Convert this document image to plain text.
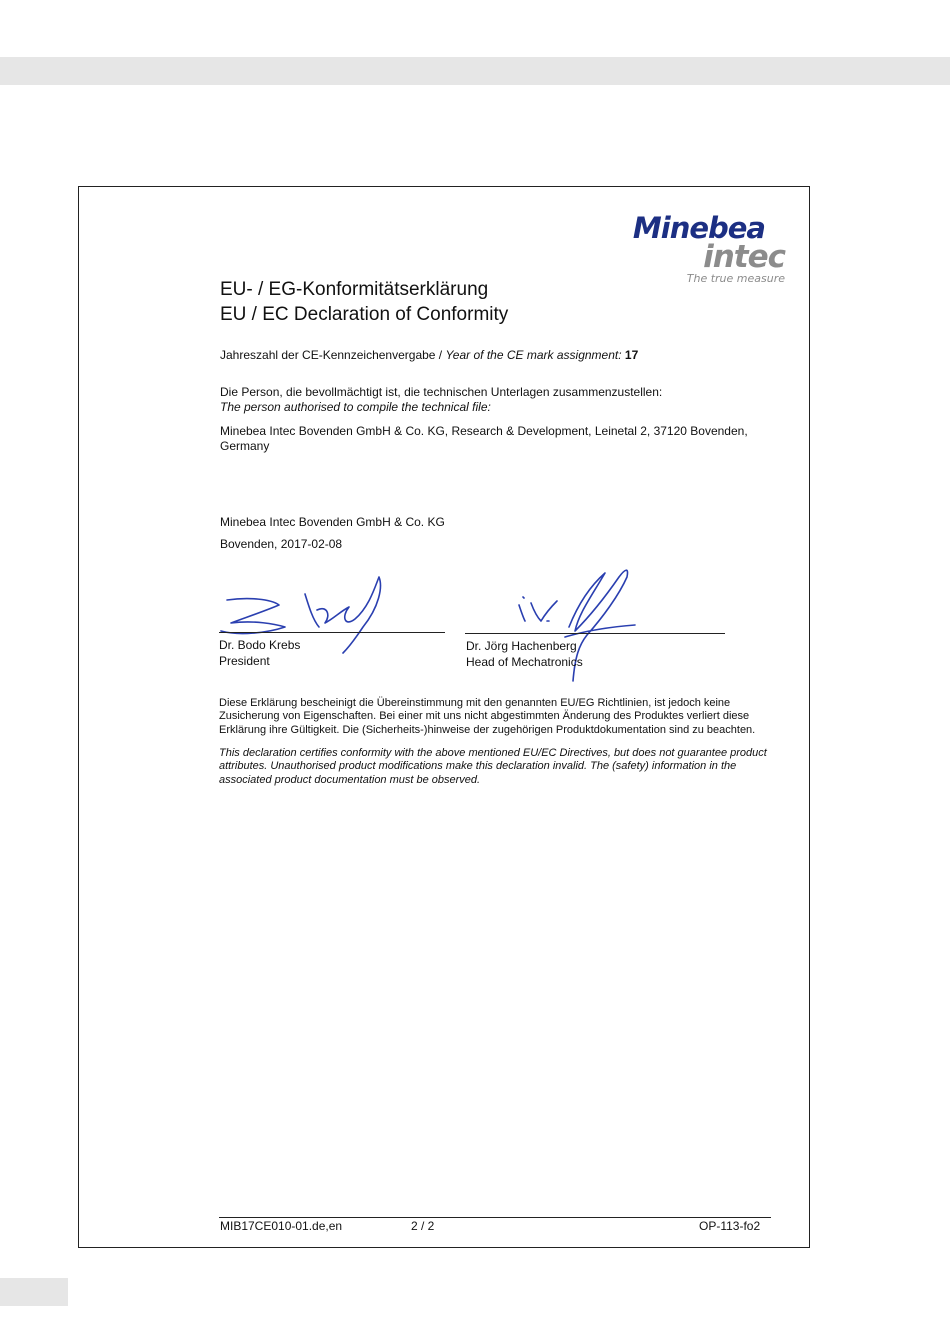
Minebea
intec
The true measure
EU- / EG-Konformitätserklärung
EU / EC Declaration of Conformity
Jahreszahl der CE-Kennzeichenvergabe / Year of the CE mark assignment: 17
Die Person, die bevollmächtigt ist, die technischen Unterlagen zusammenzustellen:
The person authorised to compile the technical file:
Minebea Intec Bovenden GmbH & Co. KG, Research & Development, Leinetal 2, 37120 Bovenden, Germany
Minebea Intec Bovenden GmbH & Co. KG
Bovenden, 2017-02-08
Dr. Bodo Krebs
President
Dr. Jörg Hachenberg
Head of Mechatronics
Diese Erklärung bescheinigt die Übereinstimmung mit den genannten EU/EG Richtlinien, ist jedoch keine Zusicherung von Eigenschaften. Bei einer mit uns nicht abgestimmten Änderung des Produktes verliert diese Erklärung ihre Gültigkeit. Die (Sicherheits-)hinweise der zugehörigen Produktdokumentation sind zu beachten.
This declaration certifies conformity with the above mentioned EU/EC Directives, but does not guarantee product attributes. Unauthorised product modifications make this declaration invalid. The (safety) information in the associated product documentation must be observed.
MIB17CE010-01.de,en	2 / 2	OP-113-fo2
